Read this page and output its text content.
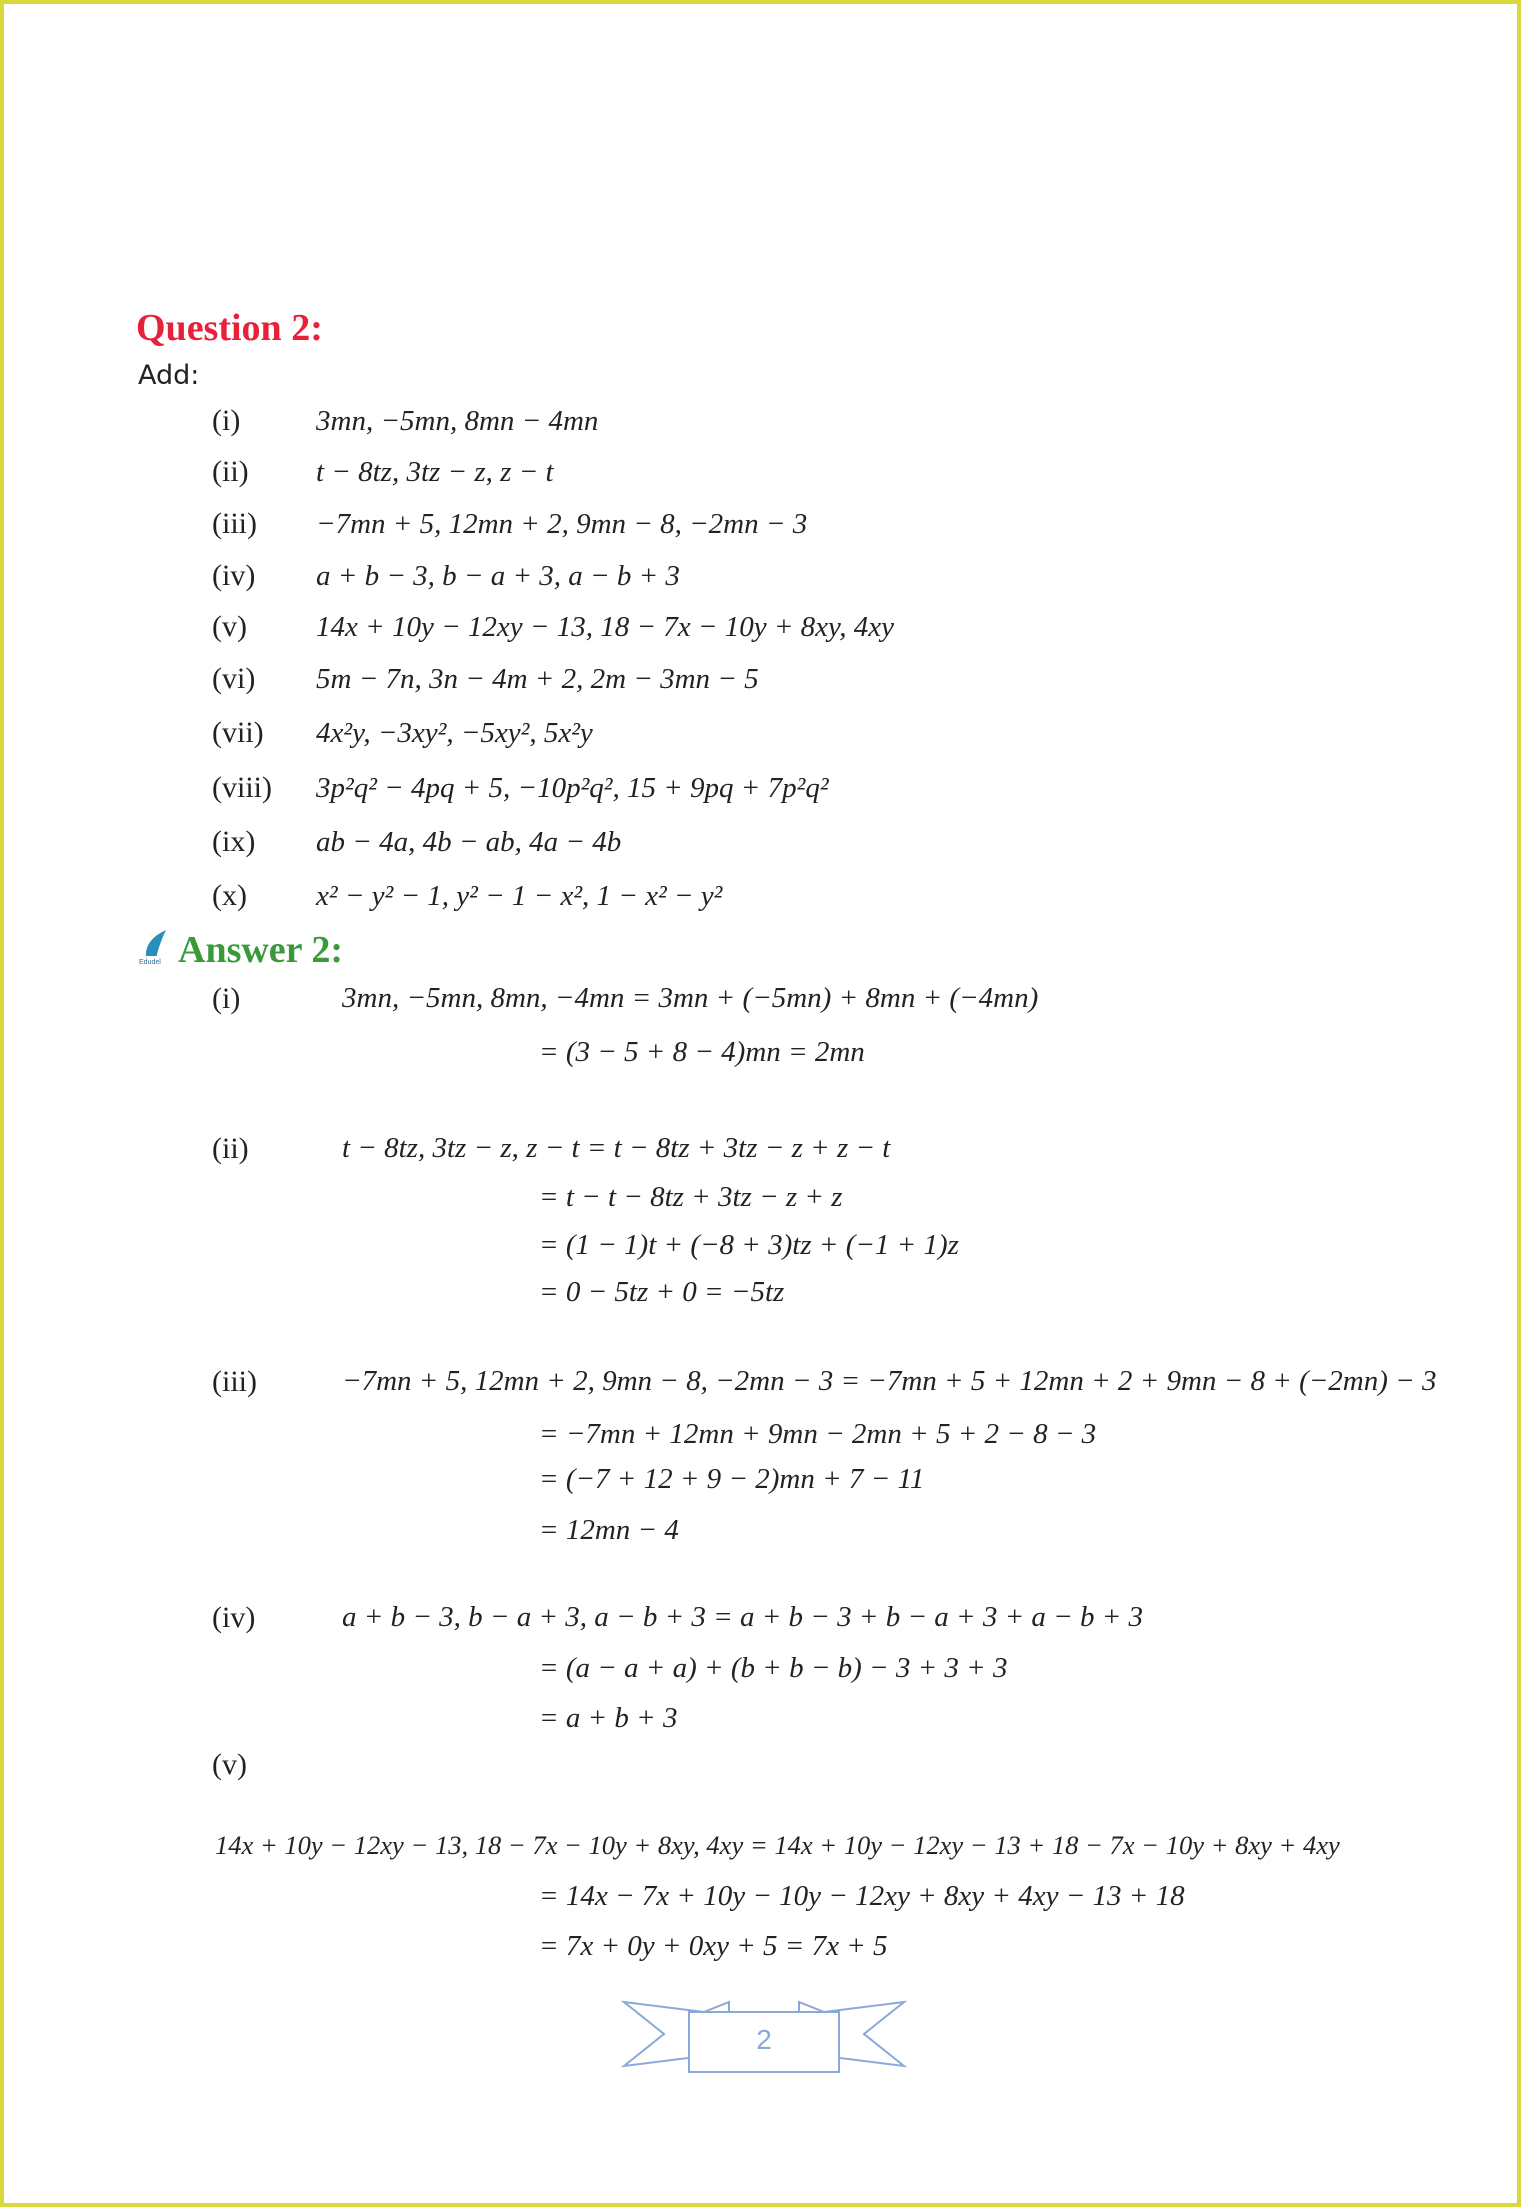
Question 2:
Add:
(i)	3mn, −5mn, 8mn − 4mn
(ii) t − 8tz, 3tz − z, z − t
(iii) −7mn + 5, 12mn + 2, 9mn − 8, −2mn − 3
(iv) a + b − 3, b − a + 3, a − b + 3
(v) 14x + 10y − 12xy − 13, 18 − 7x − 10y + 8xy, 4xy
(vi) 5m − 7n, 3n − 4m + 2, 2m − 3mn − 5
(vii) 4x²y, −3xy², −5xy², 5x²y
(viii) 3p²q² − 4pq + 5, −10p²q², 15 + 9pq + 7p²q²
(ix) ab − 4a, 4b − ab, 4a − 4b
(x) x² − y² − 1, y² − 1 − x², 1 − x² − y²
Edudel Answer 2:
(i)	3mn, −5mn, 8mn, −4mn = 3mn + (−5mn) + 8mn + (−4mn)
= (3 − 5 + 8 − 4)mn = 2mn
(ii)	t − 8tz, 3tz − z, z − t = t − 8tz + 3tz − z + z − t
= t − t − 8tz + 3tz − z + z
= (1 − 1)t + (−8 + 3)tz + (−1 + 1)z
= 0 − 5tz + 0 = −5tz
(iii)	−7mn + 5, 12mn + 2, 9mn − 8, −2mn − 3 = −7mn + 5 + 12mn + 2 + 9mn − 8 + (−2mn) − 3
= −7mn + 12mn + 9mn − 2mn + 5 + 2 − 8 − 3
= (−7 + 12 + 9 − 2)mn + 7 − 11
= 12mn − 4
(iv)	a + b − 3, b − a + 3, a − b + 3 = a + b − 3 + b − a + 3 + a − b + 3
= (a − a + a) + (b + b − b) − 3 + 3 + 3
= a + b + 3
(v)
14x + 10y − 12xy − 13, 18 − 7x − 10y + 8xy, 4xy = 14x + 10y − 12xy − 13 + 18 − 7x − 10y + 8xy + 4xy
= 14x − 7x + 10y − 10y − 12xy + 8xy + 4xy − 13 + 18
= 7x + 0y + 0xy + 5 = 7x + 5
2
